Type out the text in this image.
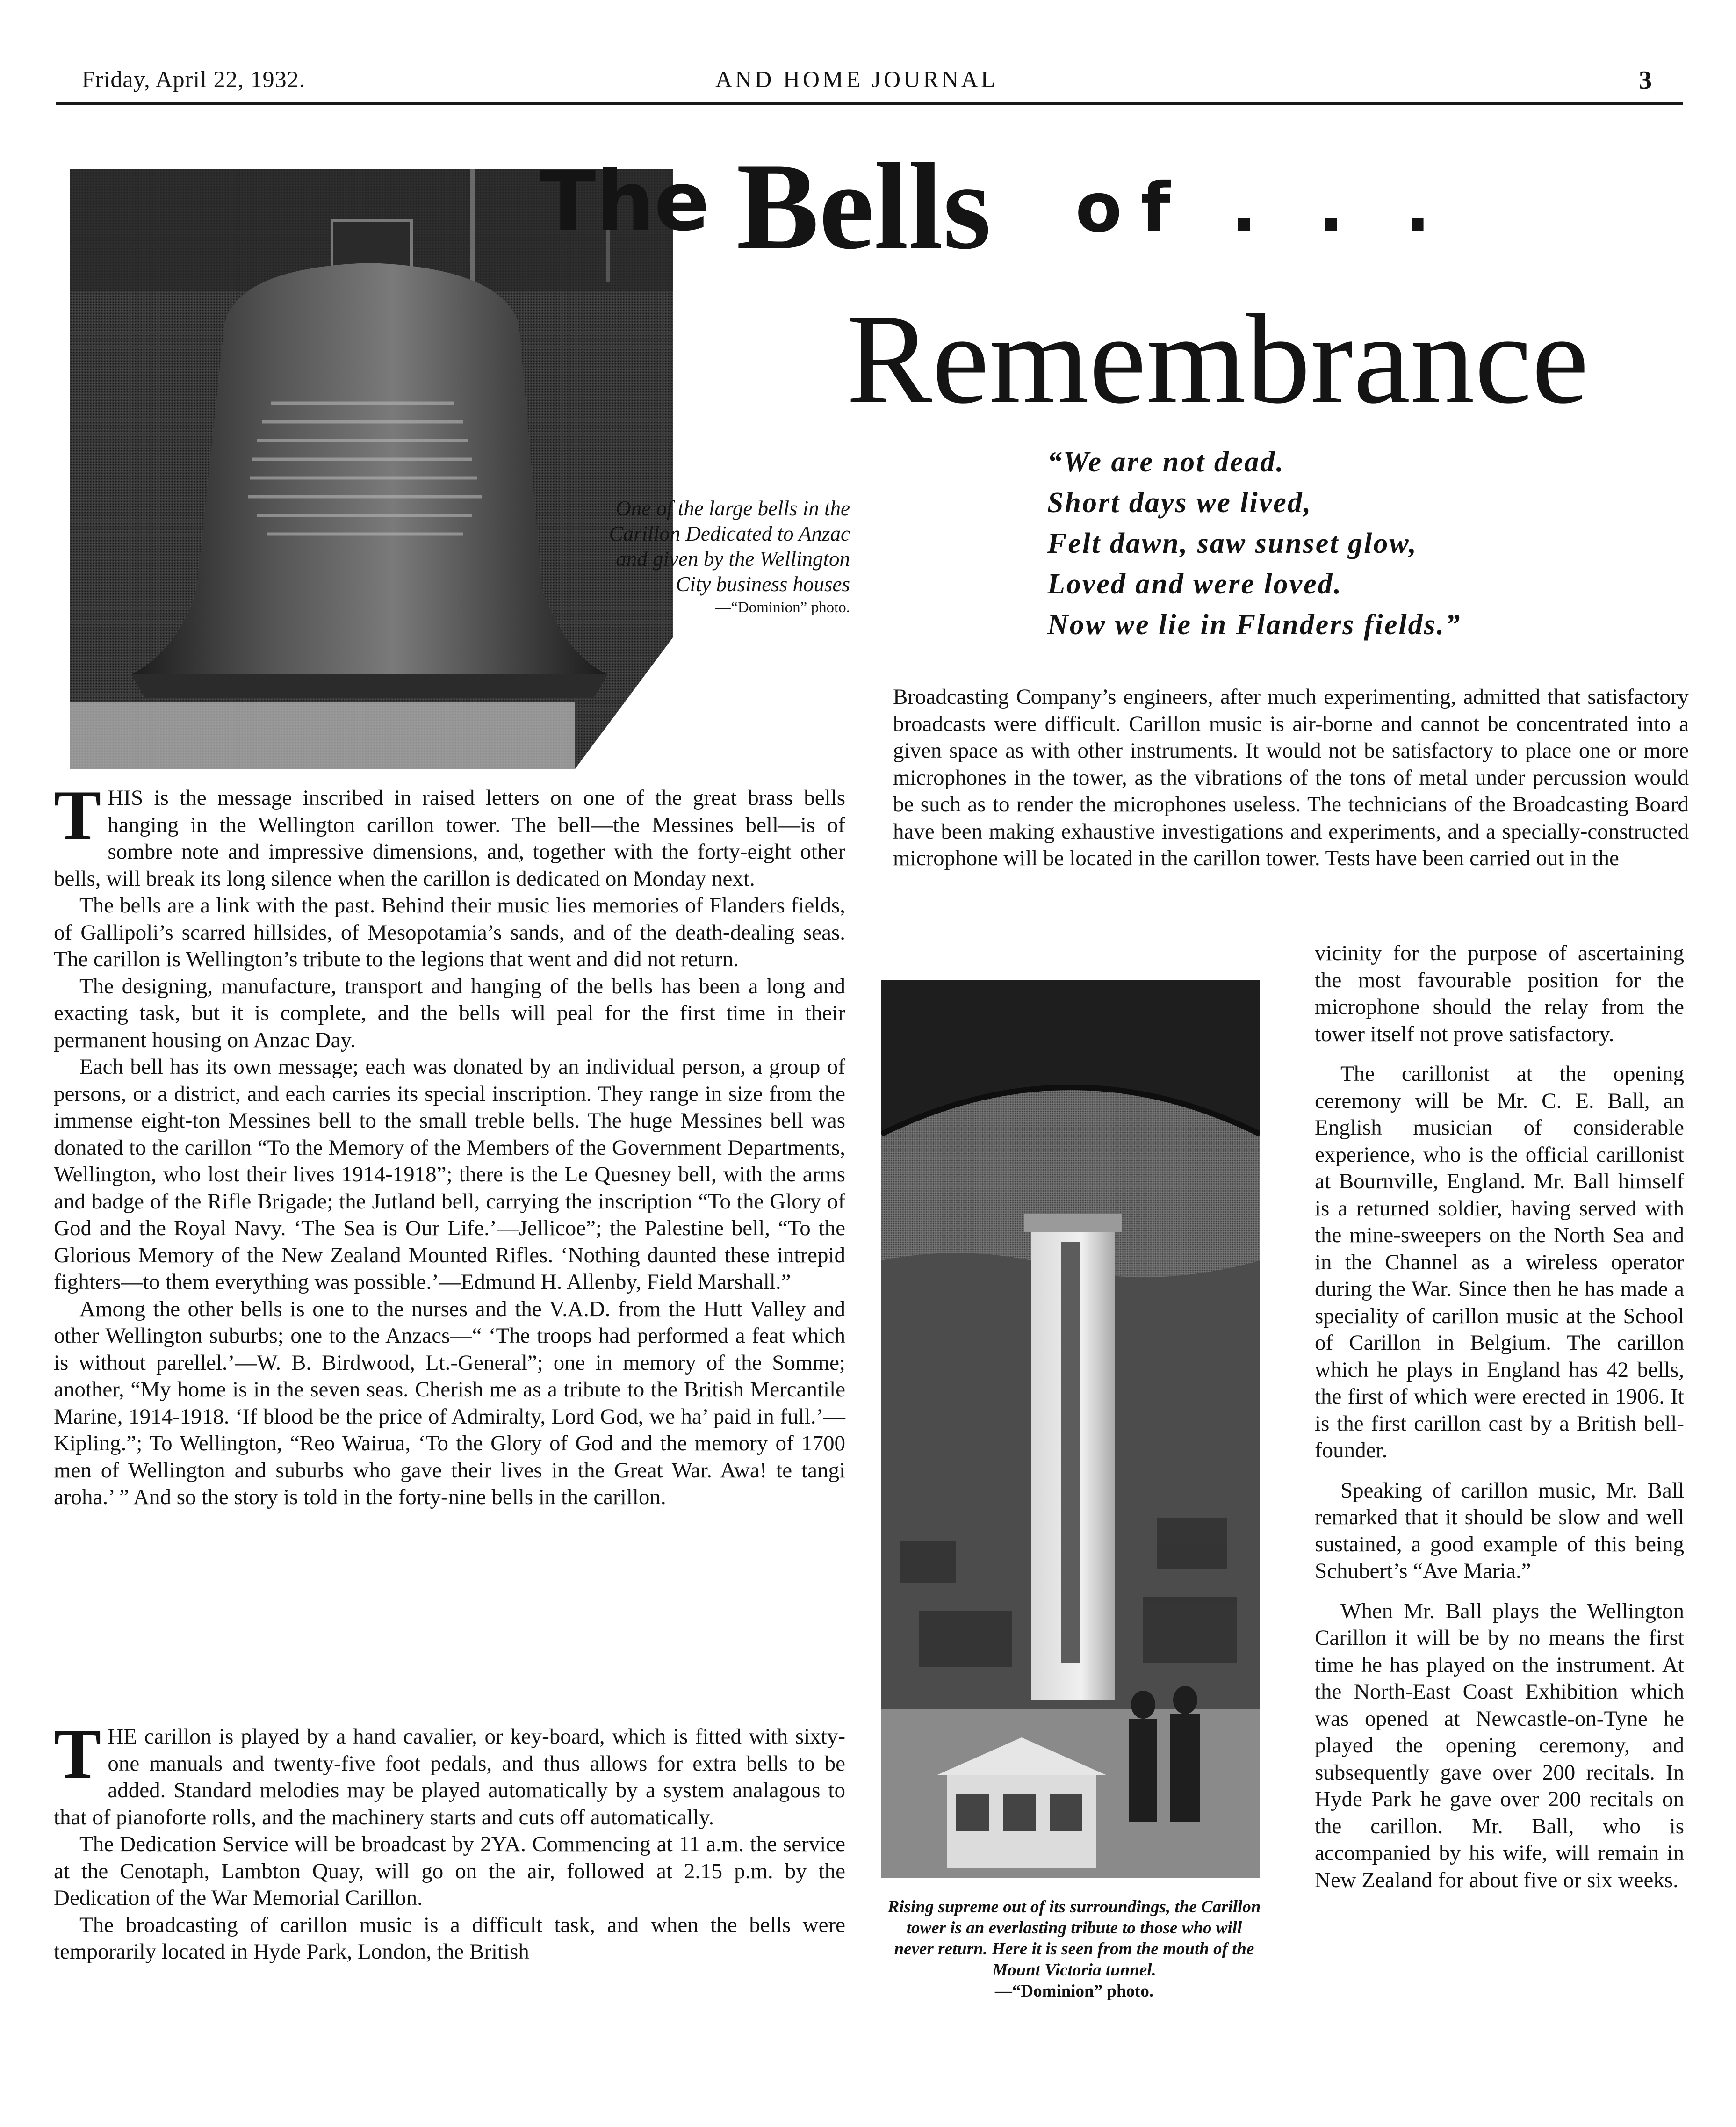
Friday, April 22, 1932.	AND HOME JOURNAL	3
The Bells of . . .
Remembrance
“We are not dead.
Short days we lived,
Felt dawn, saw sunset glow,
Loved and were loved.
Now we lie in Flanders fields.”
One of the large bells in the Carillon Dedicated to Anzac and given by the Wellington City business houses
—“Dominion” photo.

THIS is the message inscribed in raised letters on one of the great brass bells hanging in the Wellington carillon tower. The bell—the Messines bell—is of sombre note and impressive dimensions, and, together with the forty-eight other bells, will break its long silence when the carillon is dedicated on Monday next.

The bells are a link with the past. Behind their music lies memories of Flanders fields, of Gallipoli’s scarred hillsides, of Mesopotamia’s sands, and of the death-dealing seas. The carillon is Wellington’s tribute to the legions that went and did not return.

The designing, manufacture, transport and hanging of the bells has been a long and exacting task, but it is complete, and the bells will peal for the first time in their permanent housing on Anzac Day.

Each bell has its own message; each was donated by an individual person, a group of persons, or a district, and each carries its special inscription. They range in size from the immense eight-ton Messines bell to the small treble bells. The huge Messines bell was donated to the carillon “To the Memory of the Members of the Government Departments, Wellington, who lost their lives 1914-1918”; there is the Le Quesney bell, with the arms and badge of the Rifle Brigade; the Jutland bell, carrying the inscription “To the Glory of God and the Royal Navy. ‘The Sea is Our Life.’—Jellicoe”; the Palestine bell, “To the Glorious Memory of the New Zealand Mounted Rifles. ‘Nothing daunted these intrepid fighters—to them everything was possible.’—Edmund H. Allenby, Field Marshall.”

Among the other bells is one to the nurses and the V.A.D. from the Hutt Valley and other Wellington suburbs; one to the Anzacs—“ ‘The troops had performed a feat which is without parellel.’—W. B. Birdwood, Lt.-General”; one in memory of the Somme; another, “My home is in the seven seas. Cherish me as a tribute to the British Mercantile Marine, 1914-1918. ‘If blood be the price of Admiralty, Lord God, we ha’ paid in full.’—Kipling.”; To Wellington, “Reo Wairua, ‘To the Glory of God and the memory of 1700 men of Wellington and suburbs who gave their lives in the Great War. Awa! te tangi aroha.’ ” And so the story is told in the forty-nine bells in the carillon.

THE carillon is played by a hand cavalier, or key-board, which is fitted with sixty-one manuals and twenty-five foot pedals, and thus allows for extra bells to be added. Standard melodies may be played automatically by a system analagous to that of pianoforte rolls, and the machinery starts and cuts off automatically.

The Dedication Service will be broadcast by 2YA. Commencing at 11 a.m. the service at the Cenotaph, Lambton Quay, will go on the air, followed at 2.15 p.m. by the Dedication of the War Memorial Carillon.

The broadcasting of carillon music is a difficult task, and when the bells were temporarily located in Hyde Park, London, the British

Broadcasting Company’s engineers, after much experimenting, admitted that satisfactory broadcasts were difficult. Carillon music is air-borne and cannot be concentrated into a given space as with other instruments. It would not be satisfactory to place one or more microphones in the tower, as the vibrations of the tons of metal under percussion would be such as to render the microphones useless. The technicians of the Broadcasting Board have been making exhaustive investigations and experiments, and a specially-constructed microphone will be located in the carillon tower. Tests have been carried out in the

Rising supreme out of its surroundings, the Carillon tower is an everlasting tribute to those who will never return. Here it is seen from the mouth of the Mount Victoria tunnel.
—“Dominion” photo.

vicinity for the purpose of ascertaining the most favourable position for the microphone should the relay from the tower itself not prove satisfactory.

The carillonist at the opening ceremony will be Mr. C. E. Ball, an English musician of considerable experience, who is the official carillonist at Bournville, England. Mr. Ball himself is a returned soldier, having served with the mine-sweepers on the North Sea and in the Channel as a wireless operator during the War. Since then he has made a speciality of carillon music at the School of Carillon in Belgium. The carillon which he plays in England has 42 bells, the first of which were erected in 1906. It is the first carillon cast by a British bell-founder.

Speaking of carillon music, Mr. Ball remarked that it should be slow and well sustained, a good example of this being Schubert’s “Ave Maria.”

When Mr. Ball plays the Wellington Carillon it will be by no means the first time he has played on the instrument. At the North-East Coast Exhibition which was opened at Newcastle-on-Tyne he played the opening ceremony, and subsequently gave over 200 recitals. In Hyde Park he gave over 200 recitals on the carillon. Mr. Ball, who is accompanied by his wife, will remain in New Zealand for about five or six weeks.
